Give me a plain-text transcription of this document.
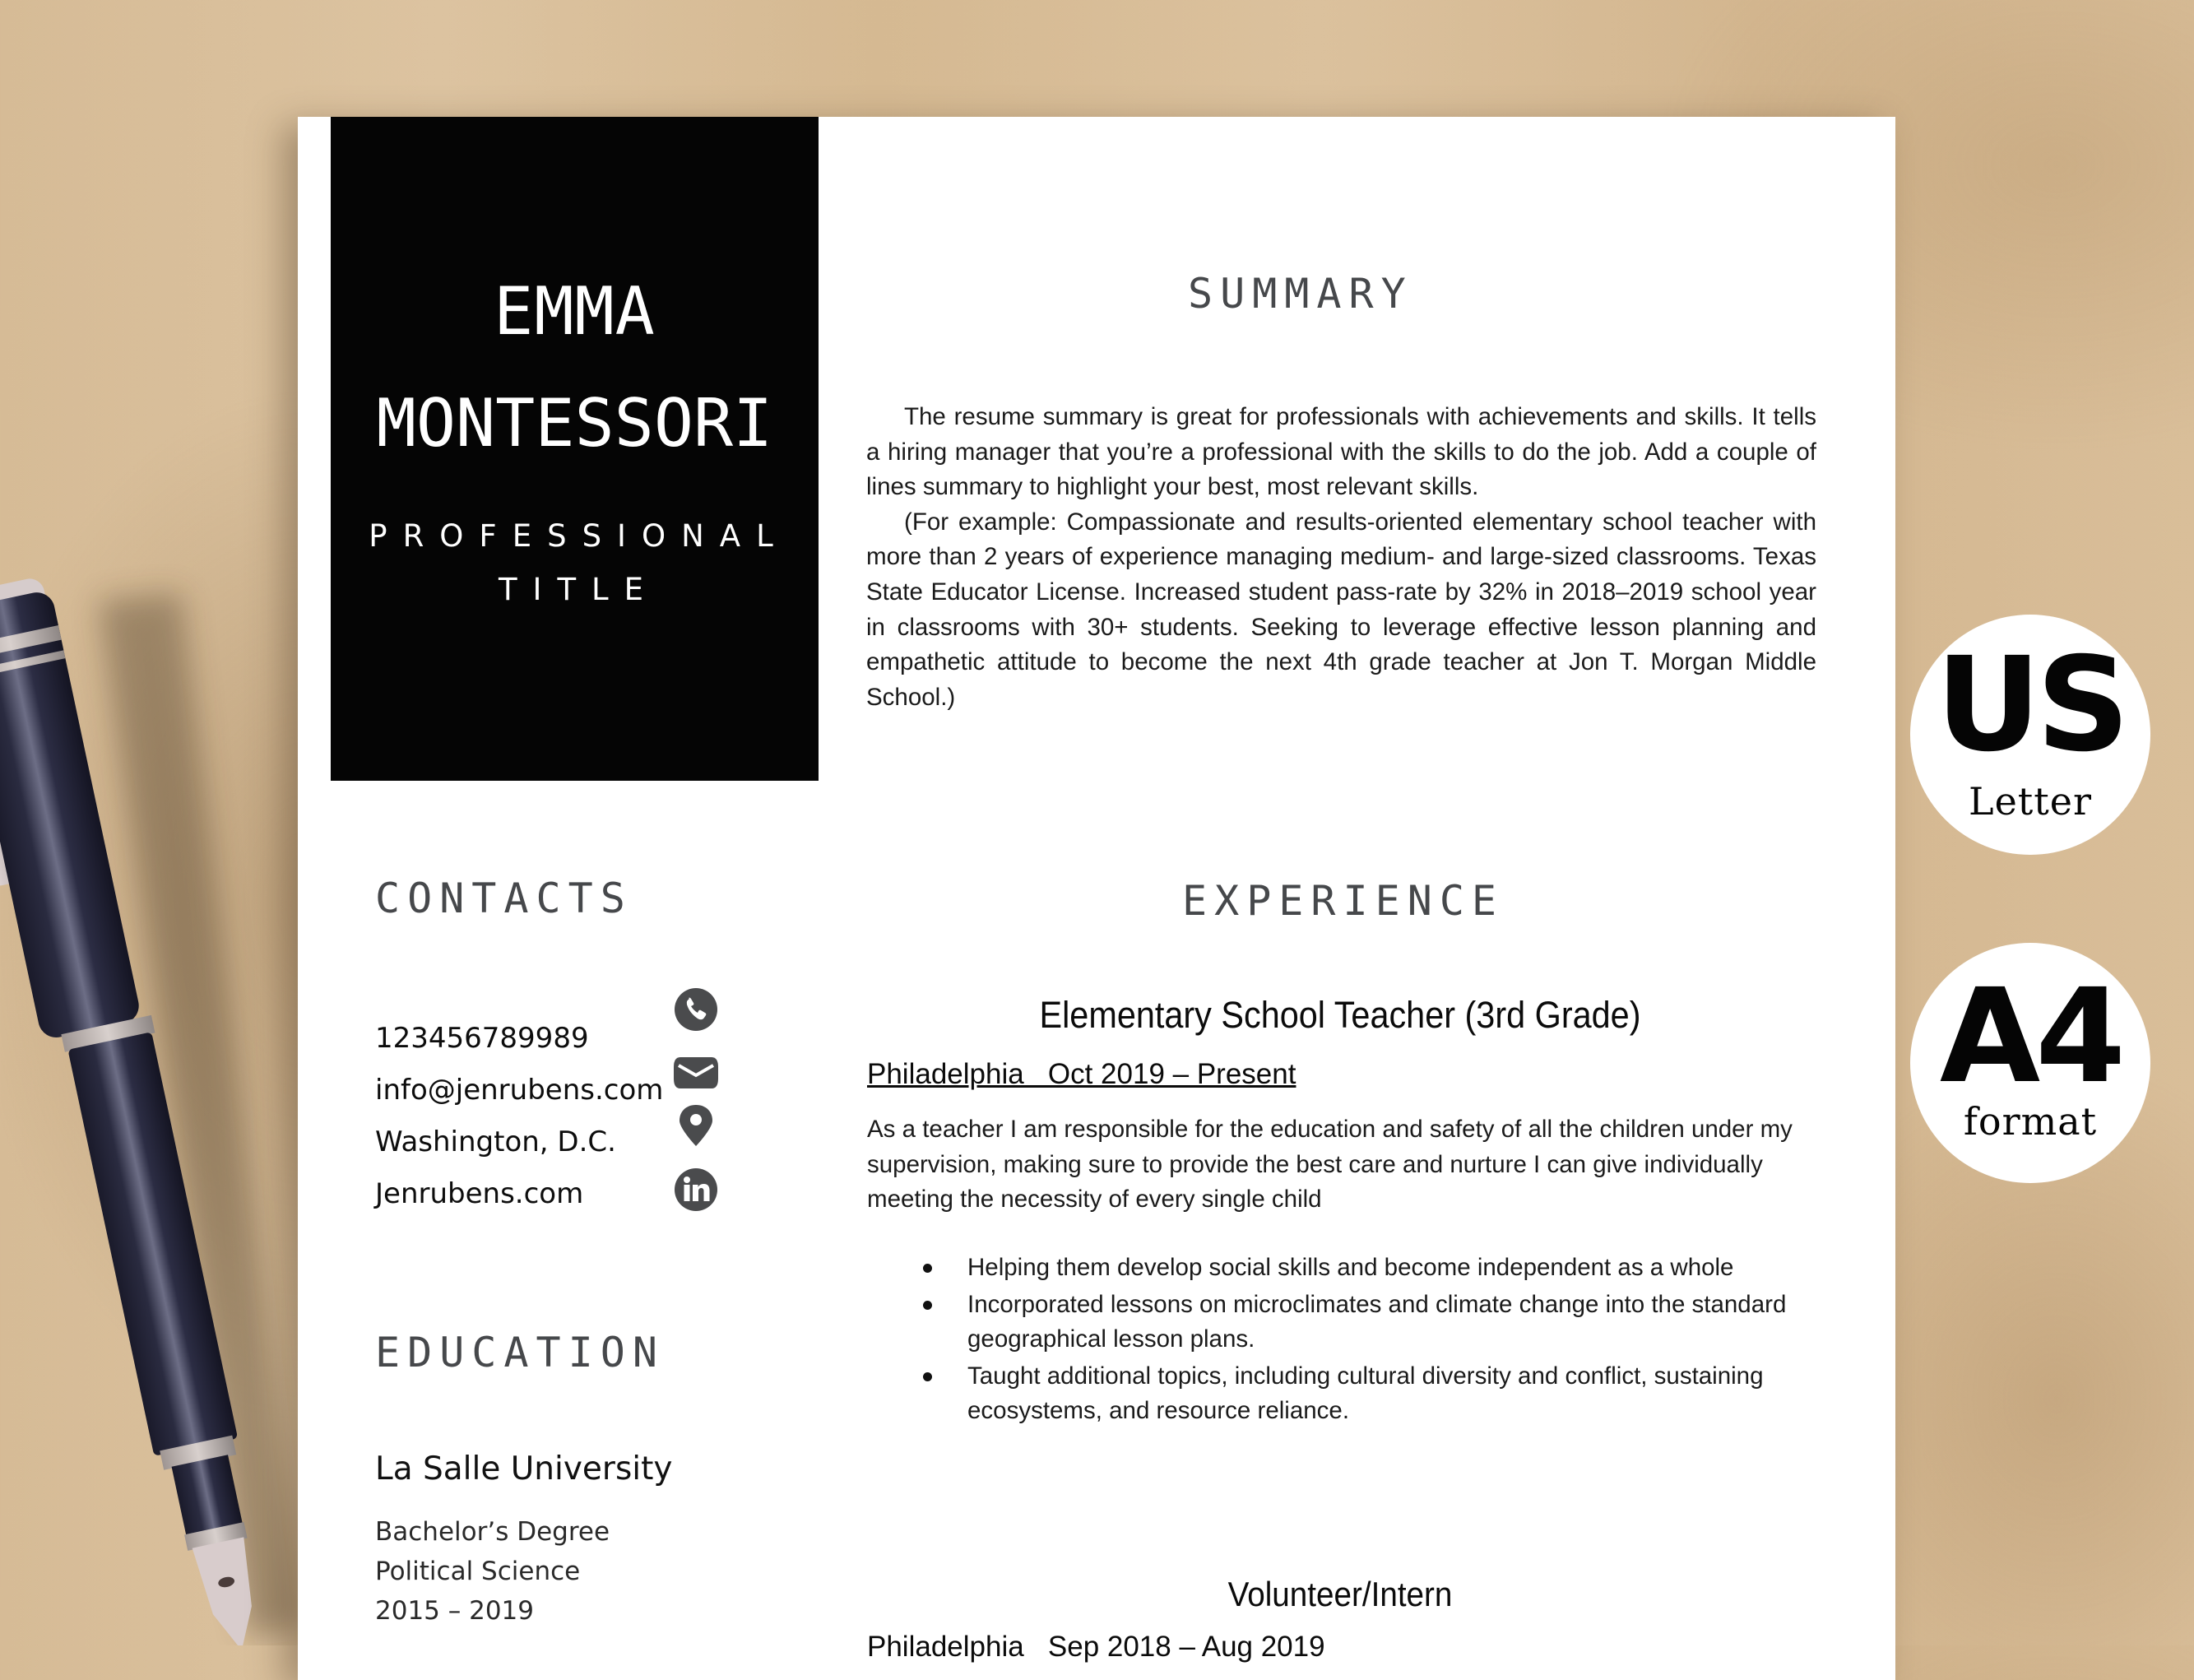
EMMA
MONTESSORI
PROFESSIONAL
TITLE
SUMMARY

The resume summary is great for professionals with achievements and skills. It tells a hiring manager that you’re a professional with the skills to do the job. Add a couple of lines summary to highlight your best, most relevant skills.

(For example: Compassionate and results-oriented elementary school teacher with more than 2 years of experience managing medium- and large-sized classrooms. Texas State Educator License. Increased student pass-rate by 32% in 2018–2019 school year in classrooms with 30+ students. Seeking to leverage effective lesson planning and empathetic attitude to become the next 4th grade teacher at Jon T. Morgan Middle School.)

CONTACTS
123456789989
info@jenrubens.com
Washington, D.C.
Jenrubens.com
EDUCATION
La Salle University
Bachelor’s Degree
Political Science
2015 – 2019
EXPERIENCE
Elementary School Teacher (3rd Grade)
Philadelphia   Oct 2019 – Present
As a teacher I am responsible for the education and safety of all the children under my supervision, making sure to provide the best care and nurture I can give individually meeting the necessity of every single child
Helping them develop social skills and become independent as a whole
Incorporated lessons on microclimates and climate change into the standard geographical lesson plans.
Taught additional topics, including cultural diversity and conflict, sustaining ecosystems, and resource reliance.
Volunteer/Intern
Philadelphia   Sep 2018 – Aug 2019
US
Letter
A4
format
